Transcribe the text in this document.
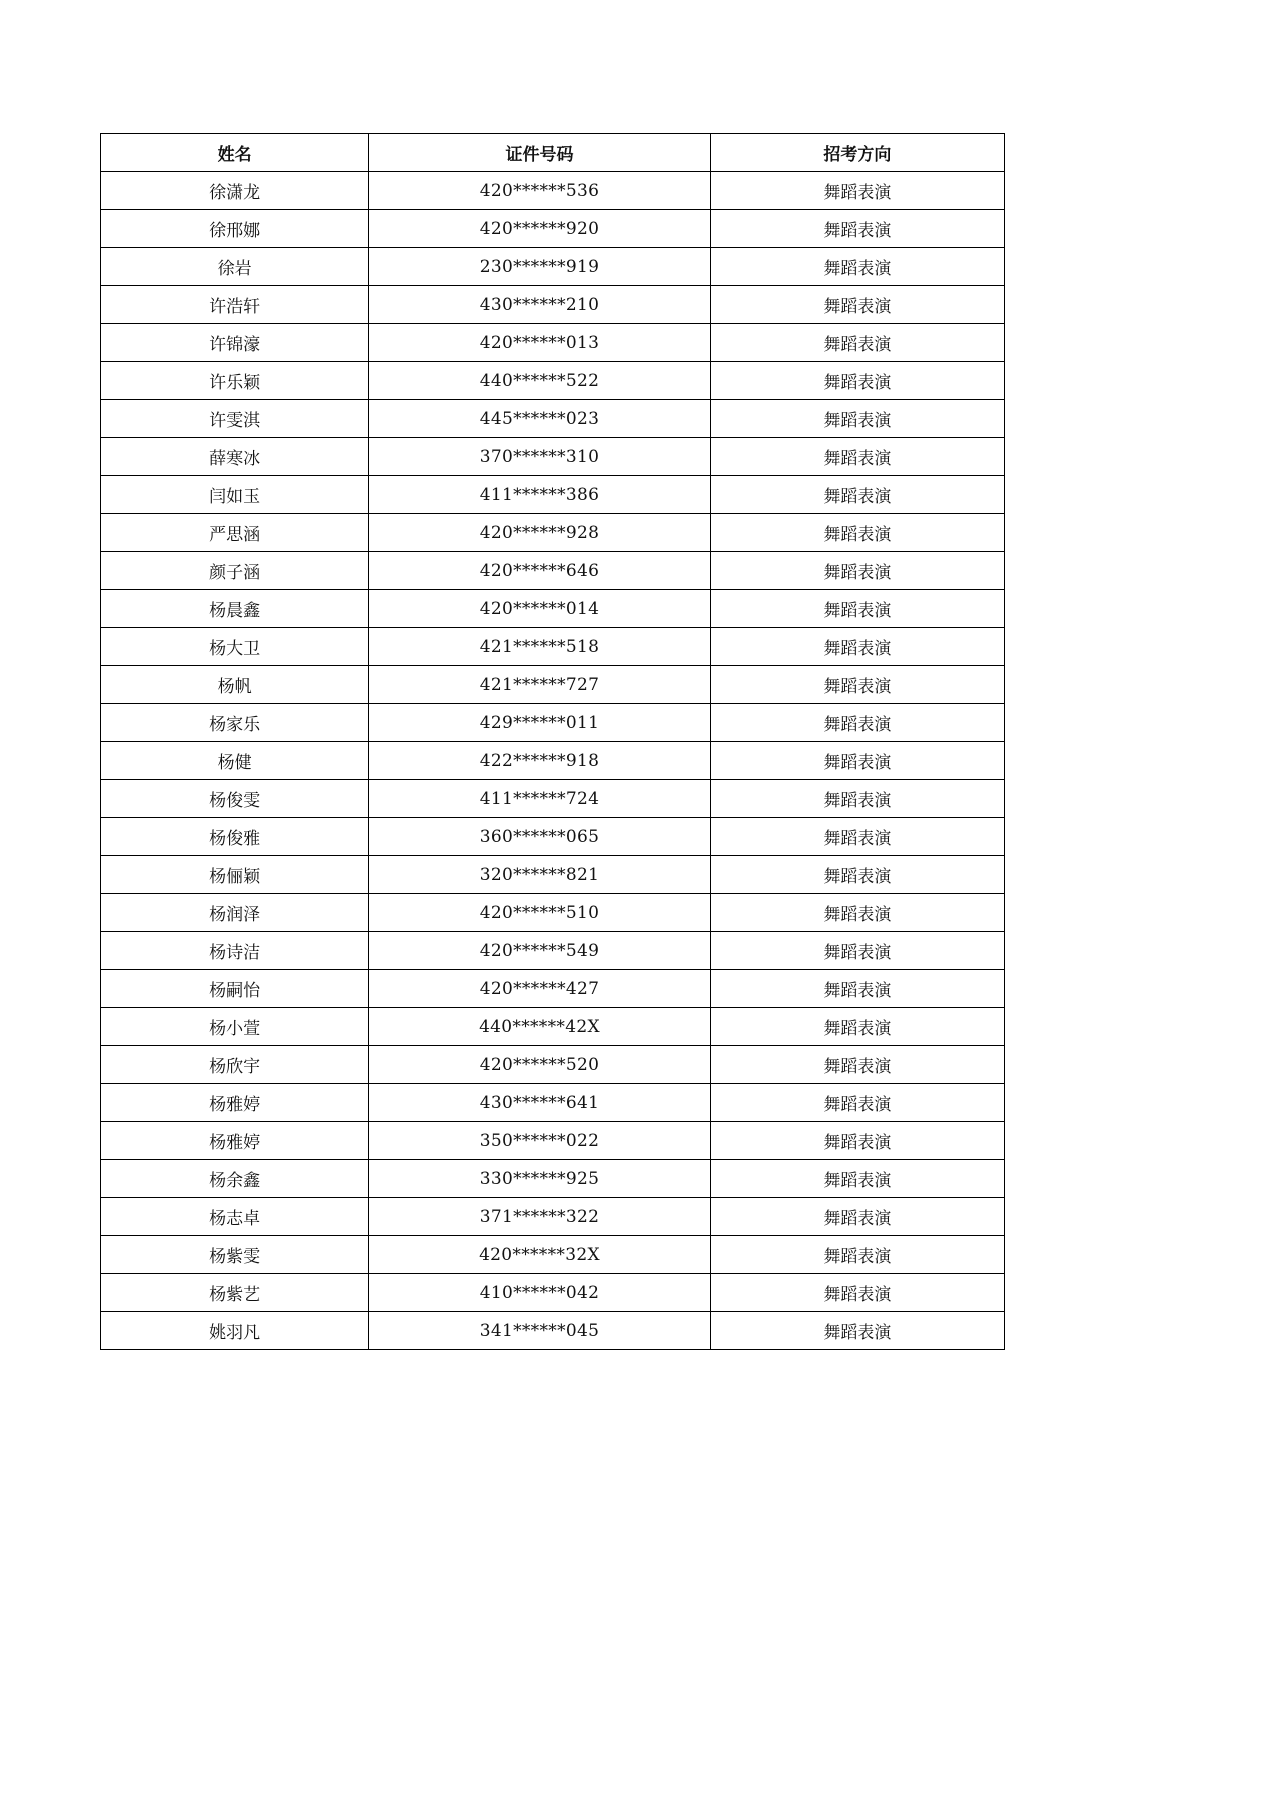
姓名	证件号码	招考方向
徐潇龙	420******536	舞蹈表演
徐邢娜	420******920	舞蹈表演
徐岩	230******919	舞蹈表演
许浩轩	430******210	舞蹈表演
许锦濠	420******013	舞蹈表演
许乐颖	440******522	舞蹈表演
许雯淇	445******023	舞蹈表演
薛寒冰	370******310	舞蹈表演
闫如玉	411******386	舞蹈表演
严思涵	420******928	舞蹈表演
颜子涵	420******646	舞蹈表演
杨晨鑫	420******014	舞蹈表演
杨大卫	421******518	舞蹈表演
杨帆	421******727	舞蹈表演
杨家乐	429******011	舞蹈表演
杨健	422******918	舞蹈表演
杨俊雯	411******724	舞蹈表演
杨俊雅	360******065	舞蹈表演
杨俪颖	320******821	舞蹈表演
杨润泽	420******510	舞蹈表演
杨诗洁	420******549	舞蹈表演
杨嗣怡	420******427	舞蹈表演
杨小萱	440******42X	舞蹈表演
杨欣宇	420******520	舞蹈表演
杨雅婷	430******641	舞蹈表演
杨雅婷	350******022	舞蹈表演
杨余鑫	330******925	舞蹈表演
杨志卓	371******322	舞蹈表演
杨紫雯	420******32X	舞蹈表演
杨紫艺	410******042	舞蹈表演
姚羽凡	341******045	舞蹈表演
